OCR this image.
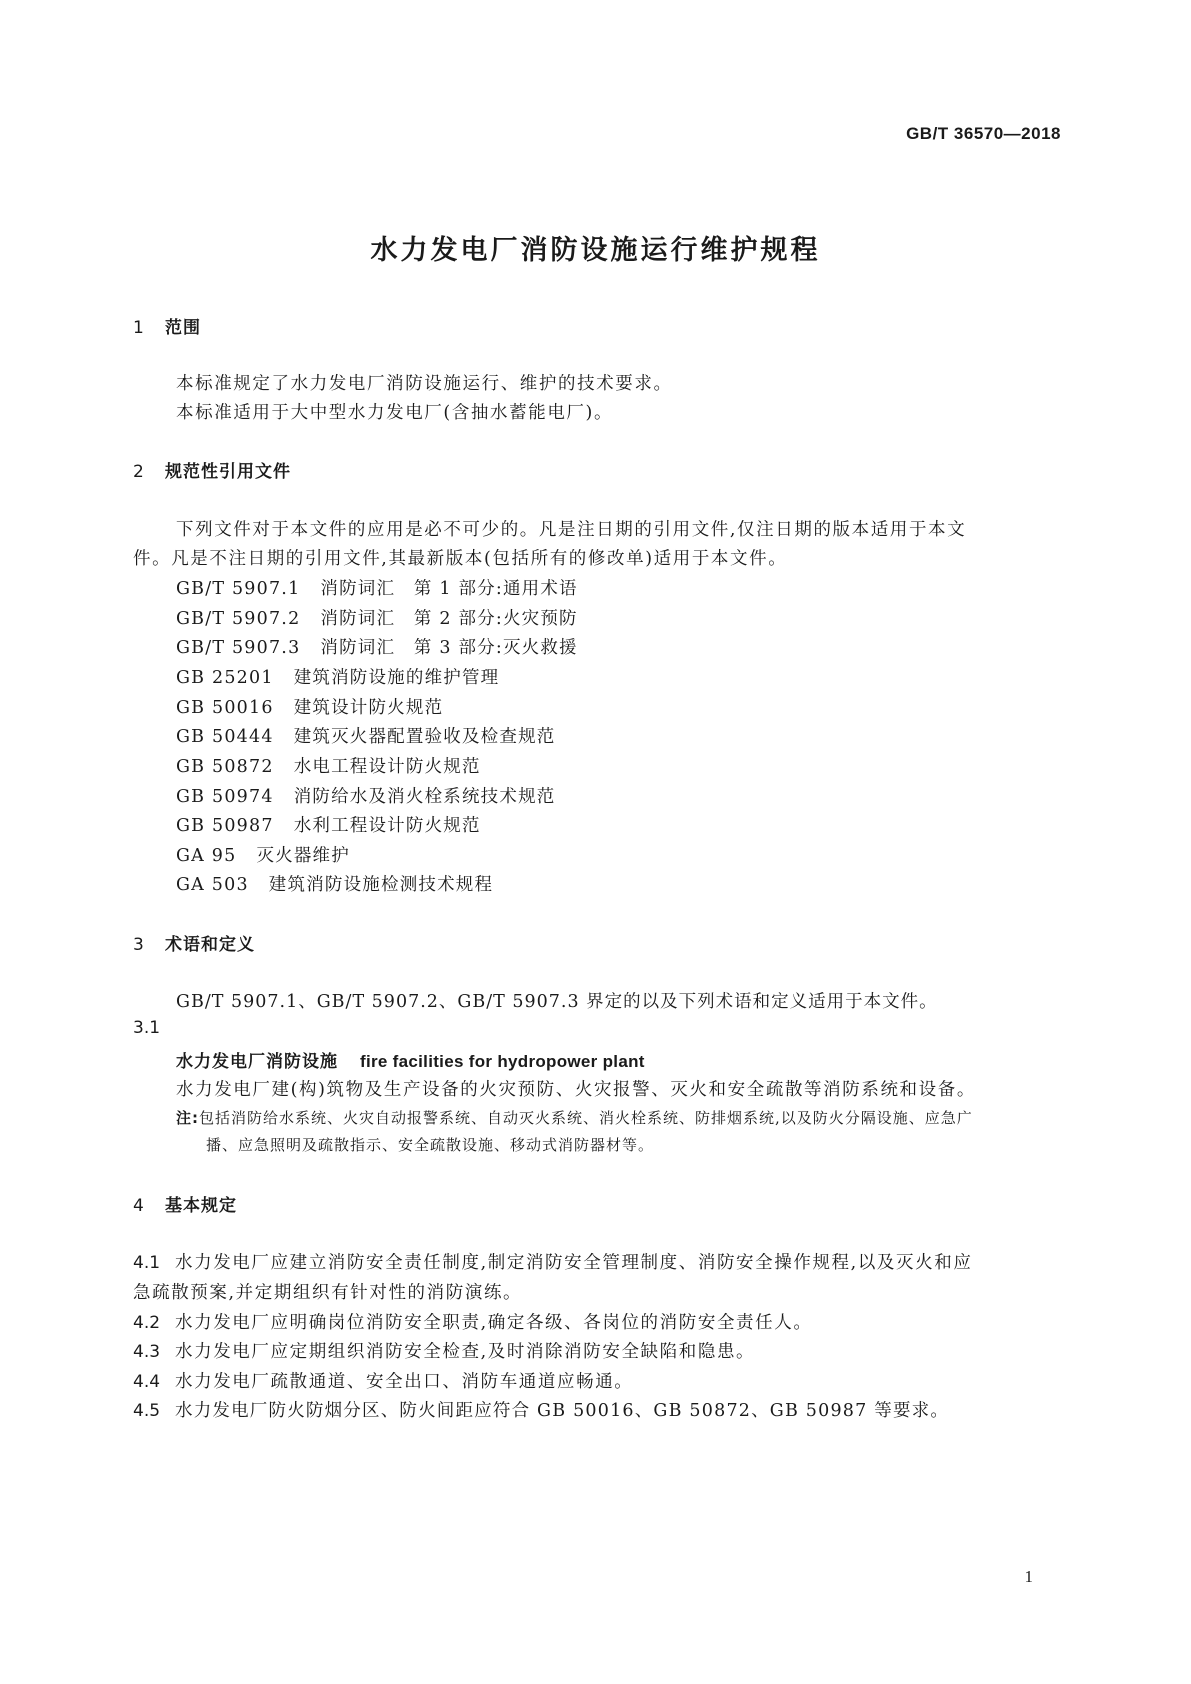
GB/T 36570—2018
水力发电厂消防设施运行维护规程
1 范围
本标准规定了水力发电厂消防设施运行、维护的技术要求。
本标准适用于大中型水力发电厂(含抽水蓄能电厂)。
2 规范性引用文件
下列文件对于本文件的应用是必不可少的。凡是注日期的引用文件,仅注日期的版本适用于本文
件。凡是不注日期的引用文件,其最新版本(包括所有的修改单)适用于本文件。
GB/T 5907.1 消防词汇　第 1 部分:通用术语
GB/T 5907.2 消防词汇　第 2 部分:火灾预防
GB/T 5907.3 消防词汇　第 3 部分:灭火救援
GB 25201 建筑消防设施的维护管理
GB 50016 建筑设计防火规范
GB 50444 建筑灭火器配置验收及检查规范
GB 50872 水电工程设计防火规范
GB 50974 消防给水及消火栓系统技术规范
GB 50987 水利工程设计防火规范
GA 95 灭火器维护
GA 503 建筑消防设施检测技术规程
3 术语和定义
GB/T 5907.1、GB/T 5907.2、GB/T 5907.3 界定的以及下列术语和定义适用于本文件。
3.1
水力发电厂消防设施 fire facilities for hydropower plant
水力发电厂建(构)筑物及生产设备的火灾预防、火灾报警、灭火和安全疏散等消防系统和设备。
注:包括消防给水系统、火灾自动报警系统、自动灭火系统、消火栓系统、防排烟系统,以及防火分隔设施、应急广
播、应急照明及疏散指示、安全疏散设施、移动式消防器材等。
4 基本规定
4.1 水力发电厂应建立消防安全责任制度,制定消防安全管理制度、消防安全操作规程,以及灭火和应
急疏散预案,并定期组织有针对性的消防演练。
4.2 水力发电厂应明确岗位消防安全职责,确定各级、各岗位的消防安全责任人。
4.3 水力发电厂应定期组织消防安全检查,及时消除消防安全缺陷和隐患。
4.4 水力发电厂疏散通道、安全出口、消防车通道应畅通。
4.5 水力发电厂防火防烟分区、防火间距应符合 GB 50016、GB 50872、GB 50987 等要求。
1
